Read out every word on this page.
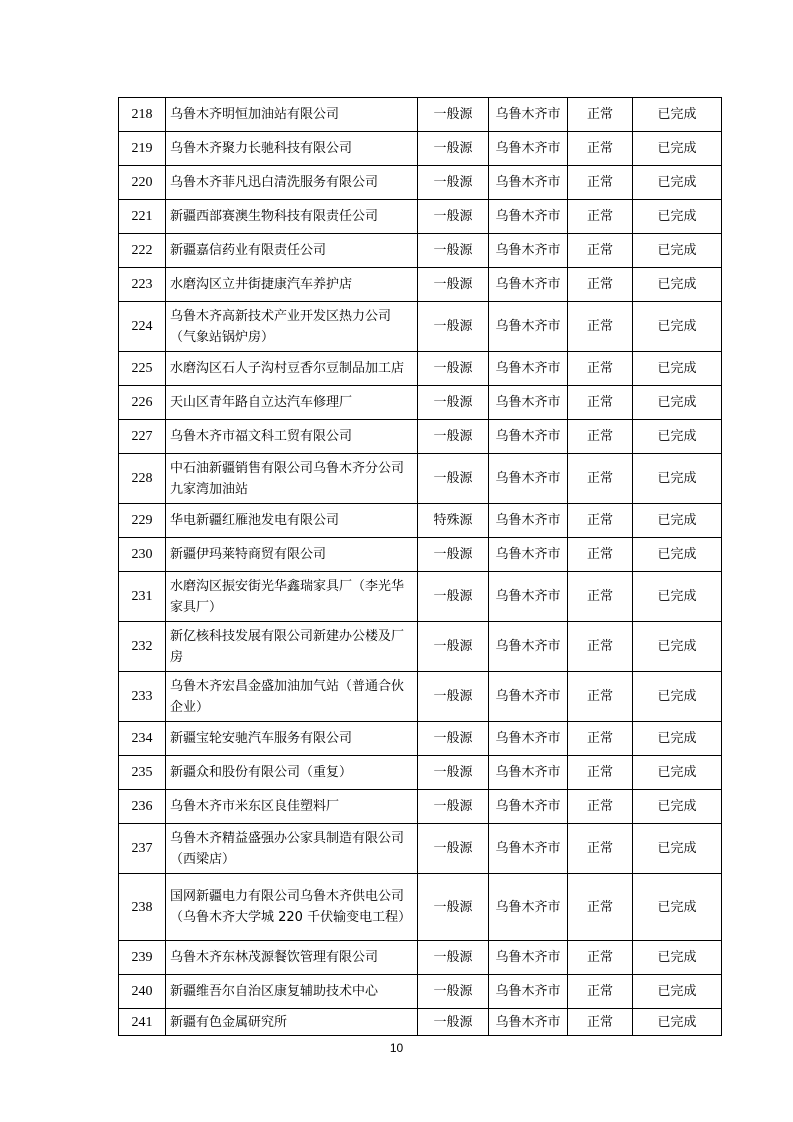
218	乌鲁木齐明恒加油站有限公司	一般源	乌鲁木齐市	正常	已完成
219	乌鲁木齐聚力长驰科技有限公司	一般源	乌鲁木齐市	正常	已完成
220	乌鲁木齐菲凡迅白清洗服务有限公司	一般源	乌鲁木齐市	正常	已完成
221	新疆西部赛澳生物科技有限责任公司	一般源	乌鲁木齐市	正常	已完成
222	新疆嘉信药业有限责任公司	一般源	乌鲁木齐市	正常	已完成
223	水磨沟区立井街捷康汽车养护店	一般源	乌鲁木齐市	正常	已完成
224	乌鲁木齐高新技术产业开发区热力公司（气象站锅炉房）	一般源	乌鲁木齐市	正常	已完成
225	水磨沟区石人子沟村豆香尔豆制品加工店	一般源	乌鲁木齐市	正常	已完成
226	天山区青年路自立达汽车修理厂	一般源	乌鲁木齐市	正常	已完成
227	乌鲁木齐市福文科工贸有限公司	一般源	乌鲁木齐市	正常	已完成
228	中石油新疆销售有限公司乌鲁木齐分公司九家湾加油站	一般源	乌鲁木齐市	正常	已完成
229	华电新疆红雁池发电有限公司	特殊源	乌鲁木齐市	正常	已完成
230	新疆伊玛莱特商贸有限公司	一般源	乌鲁木齐市	正常	已完成
231	水磨沟区振安街光华鑫瑞家具厂（李光华家具厂）	一般源	乌鲁木齐市	正常	已完成
232	新亿核科技发展有限公司新建办公楼及厂房	一般源	乌鲁木齐市	正常	已完成
233	乌鲁木齐宏昌金盛加油加气站（普通合伙企业）	一般源	乌鲁木齐市	正常	已完成
234	新疆宝轮安驰汽车服务有限公司	一般源	乌鲁木齐市	正常	已完成
235	新疆众和股份有限公司（重复）	一般源	乌鲁木齐市	正常	已完成
236	乌鲁木齐市米东区良佳塑料厂	一般源	乌鲁木齐市	正常	已完成
237	乌鲁木齐精益盛强办公家具制造有限公司（西梁店）	一般源	乌鲁木齐市	正常	已完成
238	国网新疆电力有限公司乌鲁木齐供电公司（乌鲁木齐大学城 220 千伏输变电工程）	一般源	乌鲁木齐市	正常	已完成
239	乌鲁木齐东林茂源餐饮管理有限公司	一般源	乌鲁木齐市	正常	已完成
240	新疆维吾尔自治区康复辅助技术中心	一般源	乌鲁木齐市	正常	已完成
241	新疆有色金属研究所	一般源	乌鲁木齐市	正常	已完成
10
